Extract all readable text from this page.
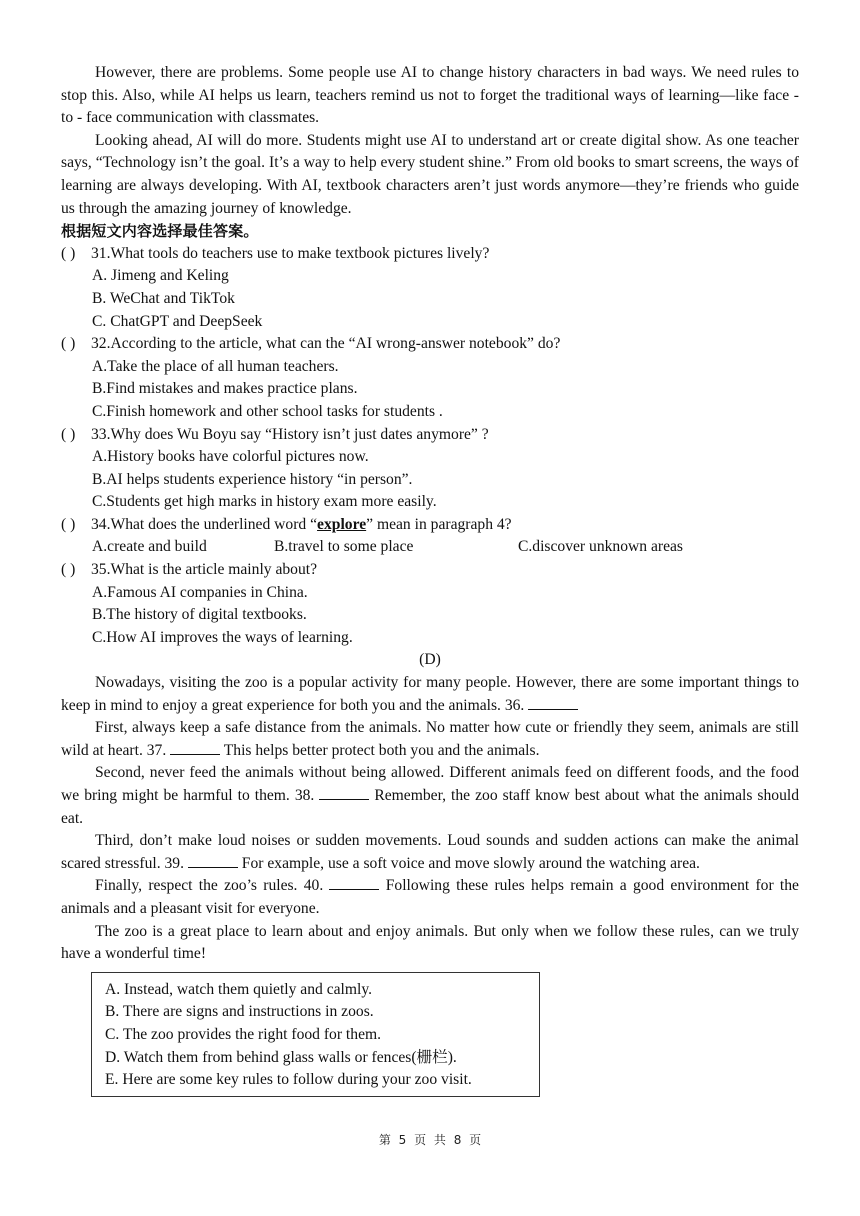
However, there are problems. Some people use AI to change history characters in bad ways. We need rules to stop this. Also, while AI helps us learn, teachers remind us not to forget the traditional ways of learning—like face - to - face communication with classmates.

Looking ahead, AI will do more. Students might use AI to understand art or create digital show. As one teacher says, “Technology isn’t the goal. It’s a way to help every student shine.” From old books to smart screens, the ways of learning are always developing. With AI, textbook characters aren’t just words anymore—they’re friends who guide us through the amazing journey of knowledge.

根据短文内容选择最佳答案。

( ) 31.What tools do teachers use to make textbook pictures lively?

A. Jimeng and Keling

B. WeChat and TikTok

C. ChatGPT and DeepSeek

( ) 32.According to the article, what can the “AI wrong-answer notebook” do?

A.Take the place of all human teachers.

B.Find mistakes and makes practice plans.

C.Finish homework and other school tasks for students .

( ) 33.Why does Wu Boyu say “History isn’t just dates anymore” ?

A.History books have colorful pictures now.

B.AI helps students experience history “in person”.

C.Students get high marks in history exam more easily.

( ) 34.What does the underlined word “explore” mean in paragraph 4?

A.create and build	B.travel to some place	C.discover unknown areas

( ) 35.What is the article mainly about?

A.Famous AI companies in China.

B.The history of digital textbooks.

C.How AI improves the ways of learning.

(D)

Nowadays, visiting the zoo is a popular activity for many people. However, there are some important things to keep in mind to enjoy a great experience for both you and the animals. 36.

First, always keep a safe distance from the animals. No matter how cute or friendly they seem, animals are still wild at heart. 37.	This helps better protect both you and the animals.

Second, never feed the animals without being allowed. Different animals feed on different foods, and the food we bring might be harmful to them. 38.	Remember, the zoo staff know best about what the animals should eat.

Third, don’t make loud noises or sudden movements. Loud sounds and sudden actions can make the animal scared stressful. 39.	For example, use a soft voice and move slowly around the watching area.

Finally, respect the zoo’s rules. 40.	Following these rules helps remain a good environment for the animals and a pleasant visit for everyone.

The zoo is a great place to learn about and enjoy animals. But only when we follow these rules, can we truly have a wonderful time!

A. Instead, watch them quietly and calmly.

B. There are signs and instructions in zoos.

C. The zoo provides the right food for them.

D. Watch them from behind glass walls or fences(栅栏).

E. Here are some key rules to follow during your zoo visit.

第 5 页 共 8 页
